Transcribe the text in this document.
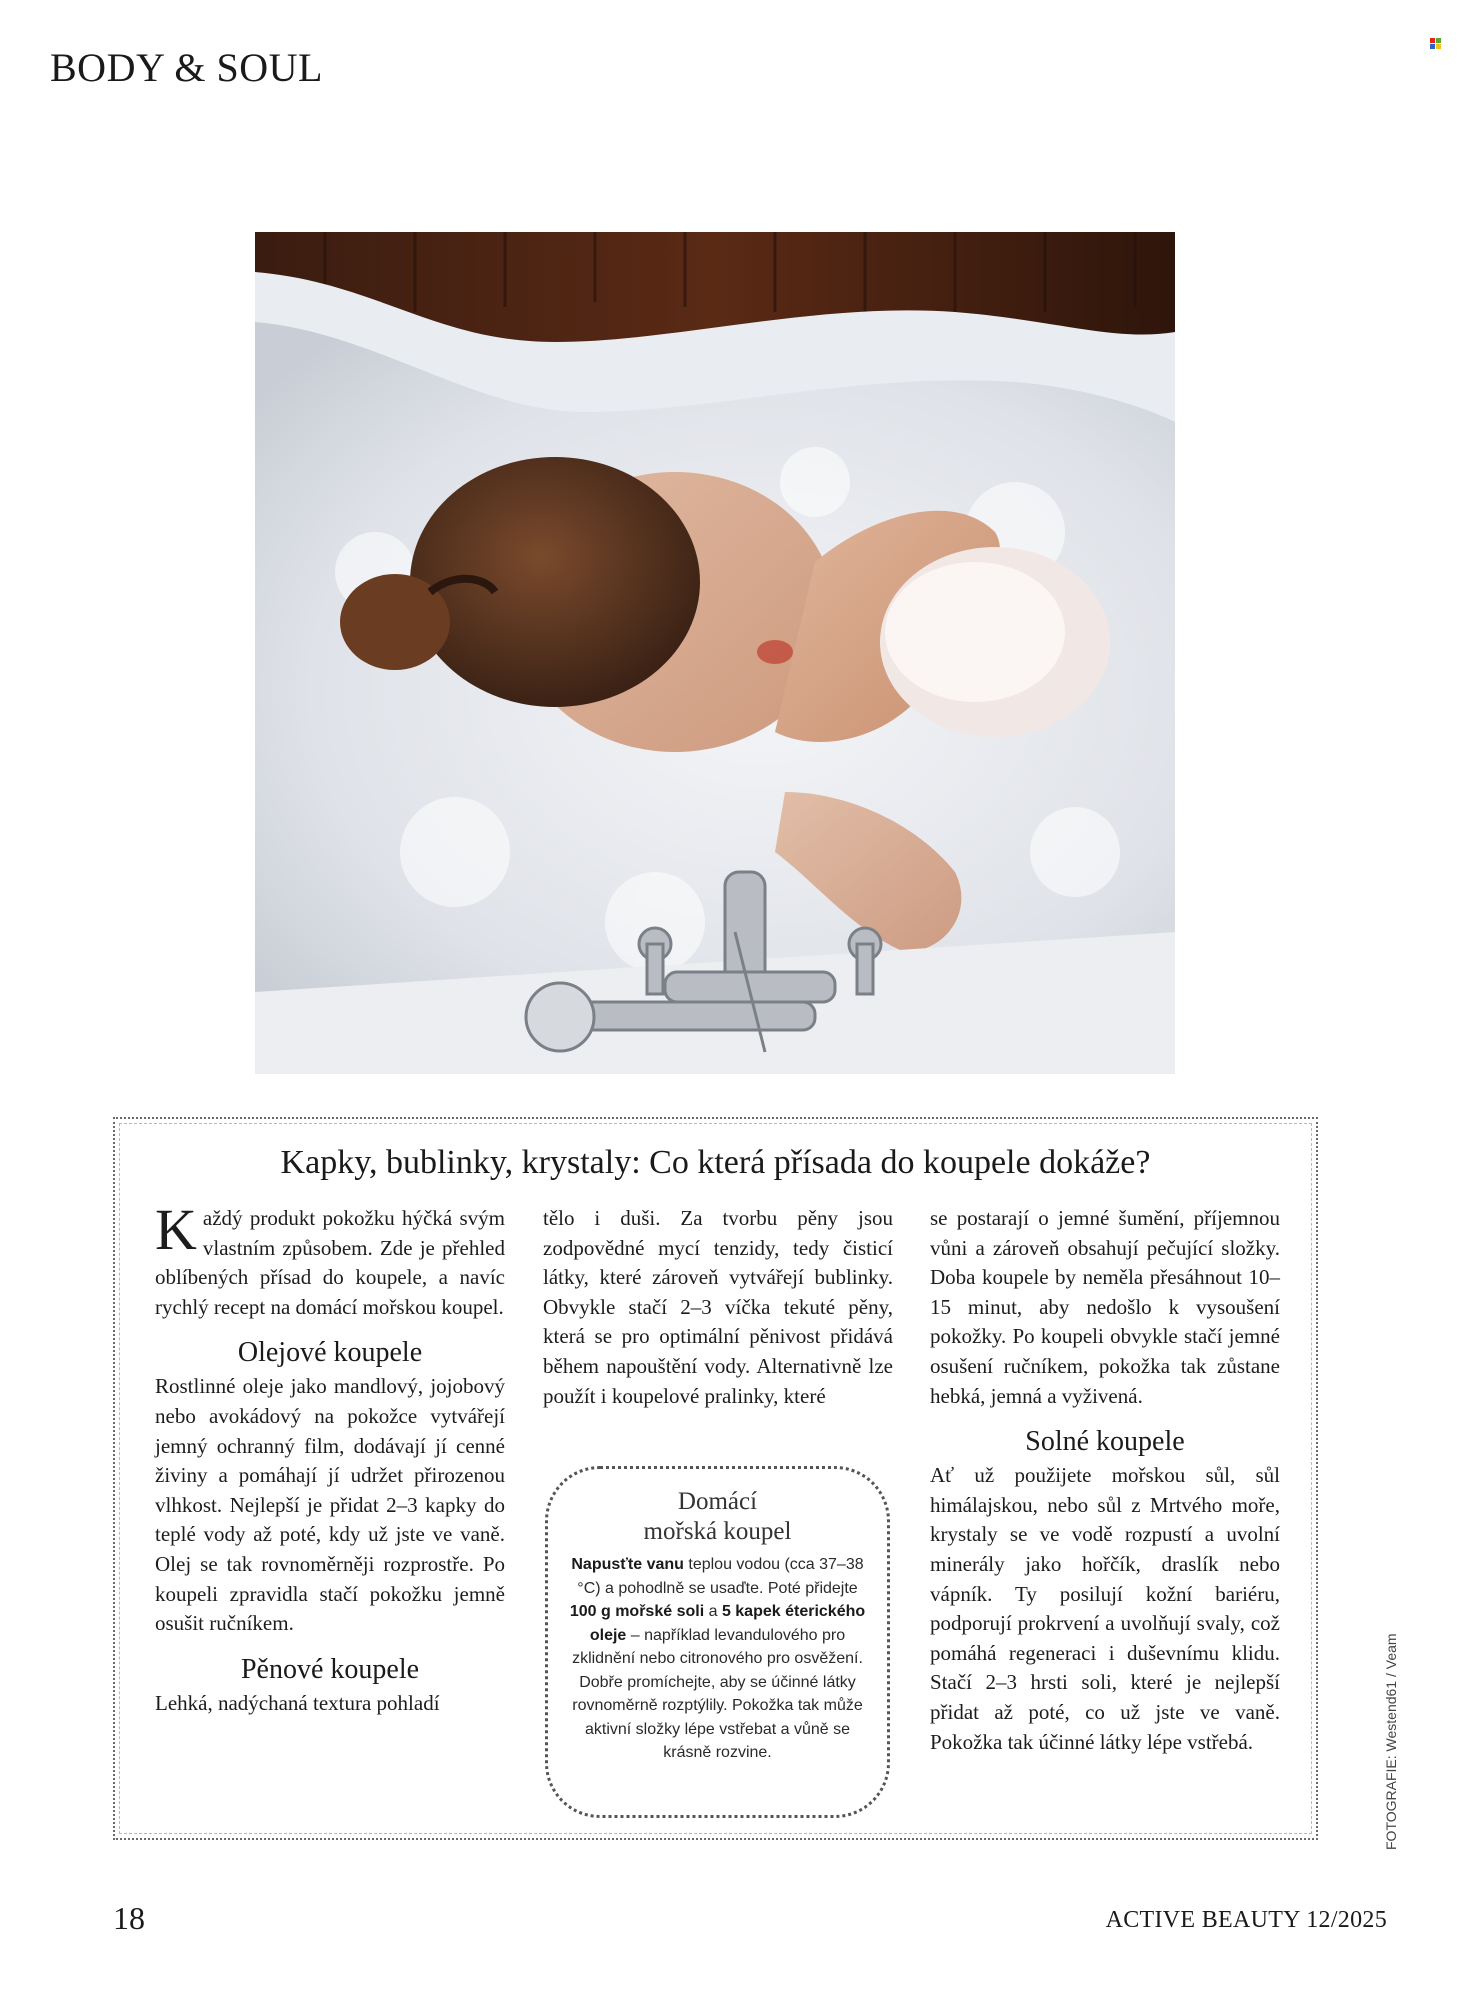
BODY & SOUL
Kapky, bublinky, krystaly: Co která přísada do koupele dokáže?

Každý produkt pokožku hýčká svým vlastním způsobem. Zde je přehled oblíbených přísad do koupele, a navíc rychlý recept na domácí mořskou koupel.

Olejové koupele

Rostlinné oleje jako mandlový, jojobový nebo avokádový na pokožce vytvářejí jemný ochranný film, dodávají jí cenné živiny a pomáhají jí udržet přirozenou vlhkost. Nejlepší je přidat 2–3 kapky do teplé vody až poté, kdy už jste ve vaně. Olej se tak rovnoměrněji rozprostře. Po koupeli zpravidla stačí pokožku jemně osušit ručníkem.

Pěnové koupele

Lehká, nadýchaná textura pohladí

tělo i duši. Za tvorbu pěny jsou zodpovědné mycí tenzidy, tedy čisticí látky, které zároveň vytvářejí bublinky. Obvykle stačí 2–3 víčka tekuté pěny, která se pro optimální pěnivost přidává během napouštění vody. Alternativně lze použít i koupelové pralinky, které

Domácí
mořská koupel
Napusťte vanu teplou vodou (cca 37–38 °C) a pohodlně se usaďte. Poté přidejte 100 g mořské soli a 5 kapek éterického oleje – například levandulového pro zklidnění nebo citronového pro osvěžení. Dobře promíchejte, aby se účinné látky rovnoměrně rozptýlily. Pokožka tak může aktivní složky lépe vstřebat a vůně se krásně rozvine.

se postarají o jemné šumění, příjemnou vůni a zároveň obsahují pečující složky. Doba koupele by neměla přesáhnout 10–15 minut, aby nedošlo k vysoušení pokožky. Po koupeli obvykle stačí jemné osušení ručníkem, pokožka tak zůstane hebká, jemná a vyživená.

Solné koupele

Ať už použijete mořskou sůl, sůl himálajskou, nebo sůl z Mrtvého moře, krystaly se ve vodě rozpustí a uvolní minerály jako hořčík, draslík nebo vápník. Ty posilují kožní bariéru, podporují prokrvení a uvolňují svaly, což pomáhá regeneraci i duševnímu klidu. Stačí 2–3 hrsti soli, které je nejlepší přidat až poté, co už jste ve vaně. Pokožka tak účinné látky lépe vstřebá.	FOTOGRAFIE: Westend61 / Veam
18	ACTIVE BEAUTY 12/2025
